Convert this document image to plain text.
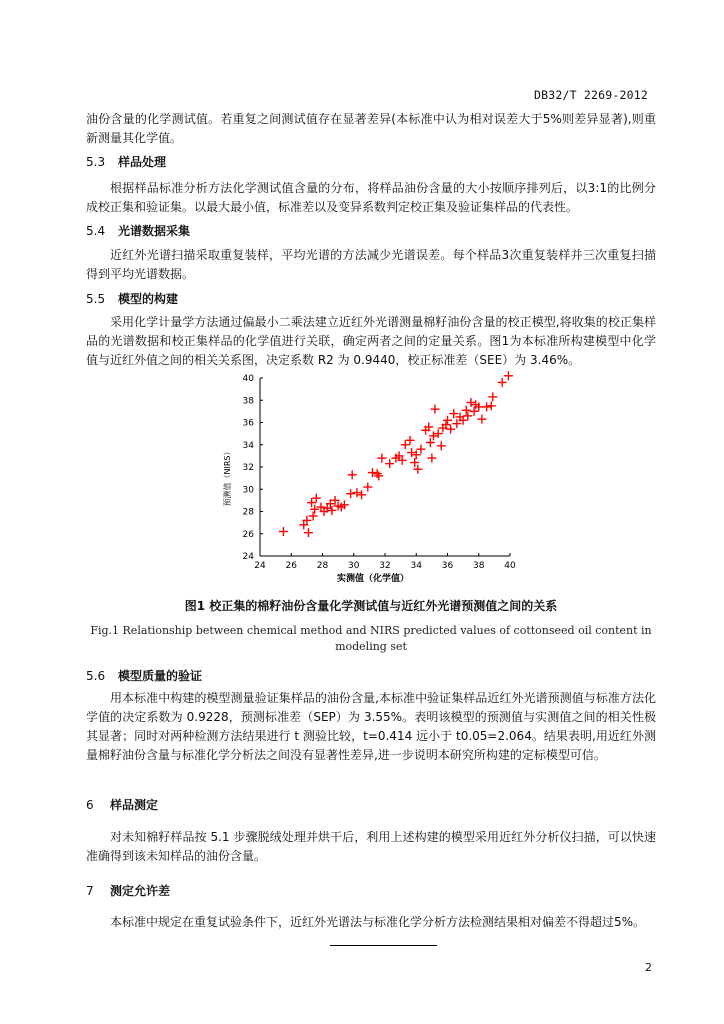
DB32/T 2269-2012
油份含量的化学测试值。若重复之间测试值存在显著差异(本标准中认为相对误差大于5%则差异显著),则重新测量其化学值。
5.3 样品处理
根据样品标准分析方法化学测试值含量的分布，将样品油份含量的大小按顺序排列后，以3:1的比例分成校正集和验证集。以最大最小值，标准差以及变异系数判定校正集及验证集样品的代表性。
5.4 光谱数据采集
近红外光谱扫描采取重复装样，平均光谱的方法减少光谱误差。每个样品3次重复装样并三次重复扫描得到平均光谱数据。
5.5 模型的构建
采用化学计量学方法通过偏最小二乘法建立近红外光谱测量棉籽油份含量的校正模型,将收集的校正集样品的光谱数据和校正集样品的化学值进行关联，确定两者之间的定量关系。图1为本标准所构建模型中化学值与近红外值之间的相关关系图，决定系数 R2 为 0.9440，校正标准差（SEE）为 3.46%。
24 26 28 30 32 34 36 38 40
24
26
28
30
32
34
36
38
40
实测值（化学值）
预测值（NIRS）
图1 校正集的棉籽油份含量化学测试值与近红外光谱预测值之间的关系
Fig.1 Relationship between chemical method and NIRS predicted values of cottonseed oil content in modeling set
5.6 模型质量的验证
用本标准中构建的模型测量验证集样品的油份含量,本标准中验证集样品近红外光谱预测值与标准方法化学值的决定系数为 0.9228，预测标准差（SEP）为 3.55%。表明该模型的预测值与实测值之间的相关性极其显著；同时对两种检测方法结果进行 t 测验比较，t=0.414 远小于 t0.05=2.064。结果表明,用近红外测量棉籽油份含量与标准化学分析法之间没有显著性差异,进一步说明本研究所构建的定标模型可信。
6 样品测定
对未知棉籽样品按 5.1 步骤脱绒处理并烘干后，利用上述构建的模型采用近红外分析仪扫描，可以快速准确得到该未知样品的油份含量。
7 测定允许差
本标准中规定在重复试验条件下，近红外光谱法与标准化学分析方法检测结果相对偏差不得超过5%。
2
